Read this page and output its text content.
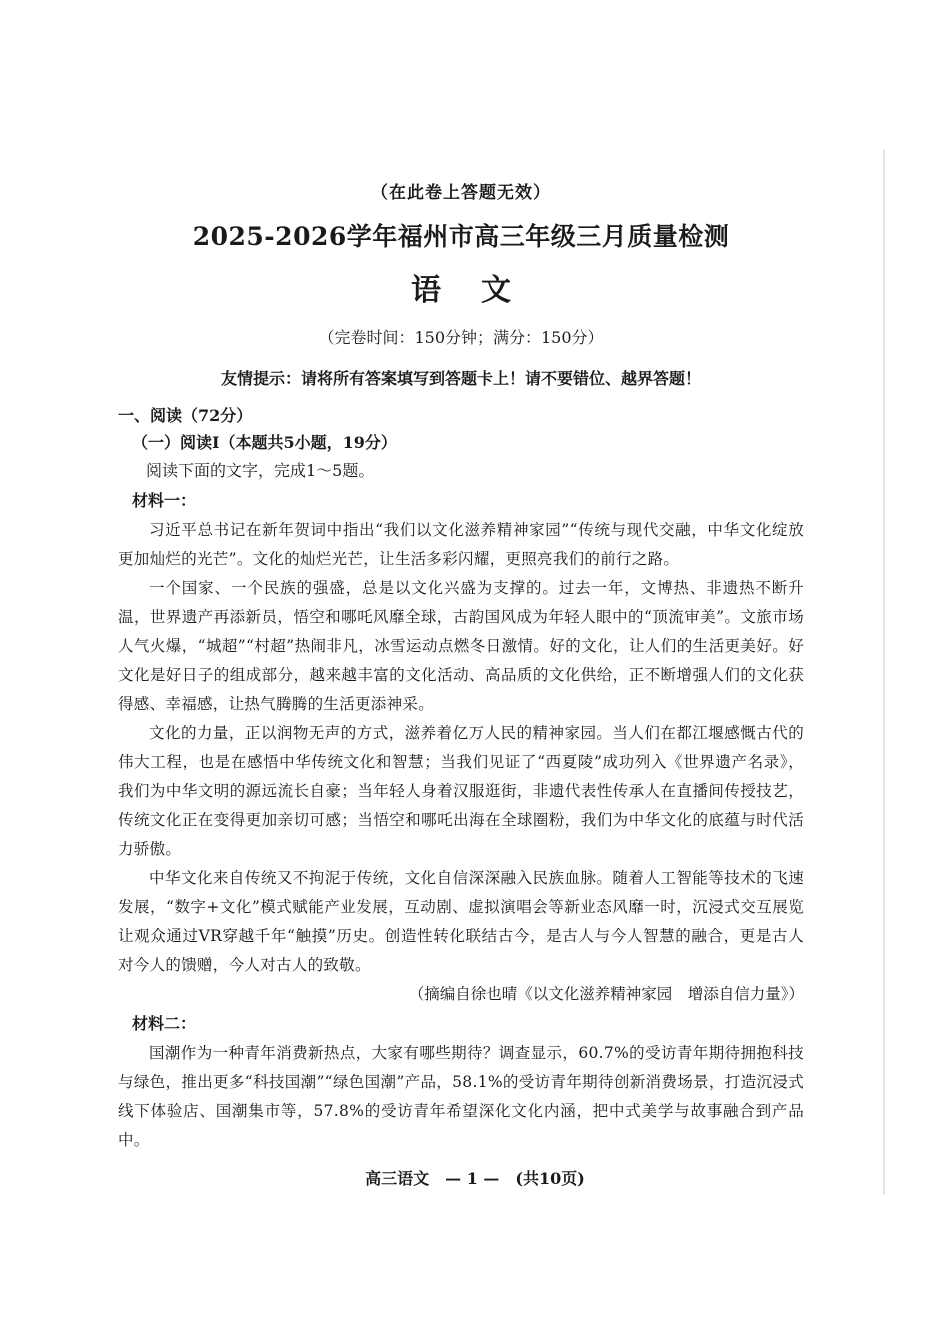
（在此卷上答题无效）
2025-2026学年福州市高三年级三月质量检测
语文
（完卷时间：150分钟；满分：150分）
友情提示：请将所有答案填写到答题卡上！请不要错位、越界答题！
一、阅读（72分）
（一）阅读Ⅰ（本题共5小题，19分）
阅读下面的文字，完成1～5题。
材料一：

习近平总书记在新年贺词中指出“我们以文化滋养精神家园”“传统与现代交融，中华文化绽放更加灿烂的光芒”。文化的灿烂光芒，让生活多彩闪耀，更照亮我们的前行之路。

一个国家、一个民族的强盛，总是以文化兴盛为支撑的。过去一年，文博热、非遗热不断升温，世界遗产再添新员，悟空和哪吒风靡全球，古韵国风成为年轻人眼中的“顶流审美”。文旅市场人气火爆，“城超”“村超”热闹非凡，冰雪运动点燃冬日激情。好的文化，让人们的生活更美好。好文化是好日子的组成部分，越来越丰富的文化活动、高品质的文化供给，正不断增强人们的文化获得感、幸福感，让热气腾腾的生活更添神采。

文化的力量，正以润物无声的方式，滋养着亿万人民的精神家园。当人们在都江堰感慨古代的伟大工程，也是在感悟中华传统文化和智慧；当我们见证了“西夏陵”成功列入《世界遗产名录》，我们为中华文明的源远流长自豪；当年轻人身着汉服逛街，非遗代表性传承人在直播间传授技艺，传统文化正在变得更加亲切可感；当悟空和哪吒出海在全球圈粉，我们为中华文化的底蕴与时代活力骄傲。

中华文化来自传统又不拘泥于传统，文化自信深深融入民族血脉。随着人工智能等技术的飞速发展，“数字+文化”模式赋能产业发展，互动剧、虚拟演唱会等新业态风靡一时，沉浸式交互展览让观众通过VR穿越千年“触摸”历史。创造性转化联结古今，是古人与今人智慧的融合，更是古人对今人的馈赠，今人对古人的致敬。

（摘编自徐也晴《以文化滋养精神家园　增添自信力量》）
材料二：

国潮作为一种青年消费新热点，大家有哪些期待？调查显示，60.7%的受访青年期待拥抱科技与绿色，推出更多“科技国潮”“绿色国潮”产品，58.1%的受访青年期待创新消费场景，打造沉浸式线下体验店、国潮集市等，57.8%的受访青年希望深化文化内涵，把中式美学与故事融合到产品中。

高三语文　— 1 —　(共10页)
